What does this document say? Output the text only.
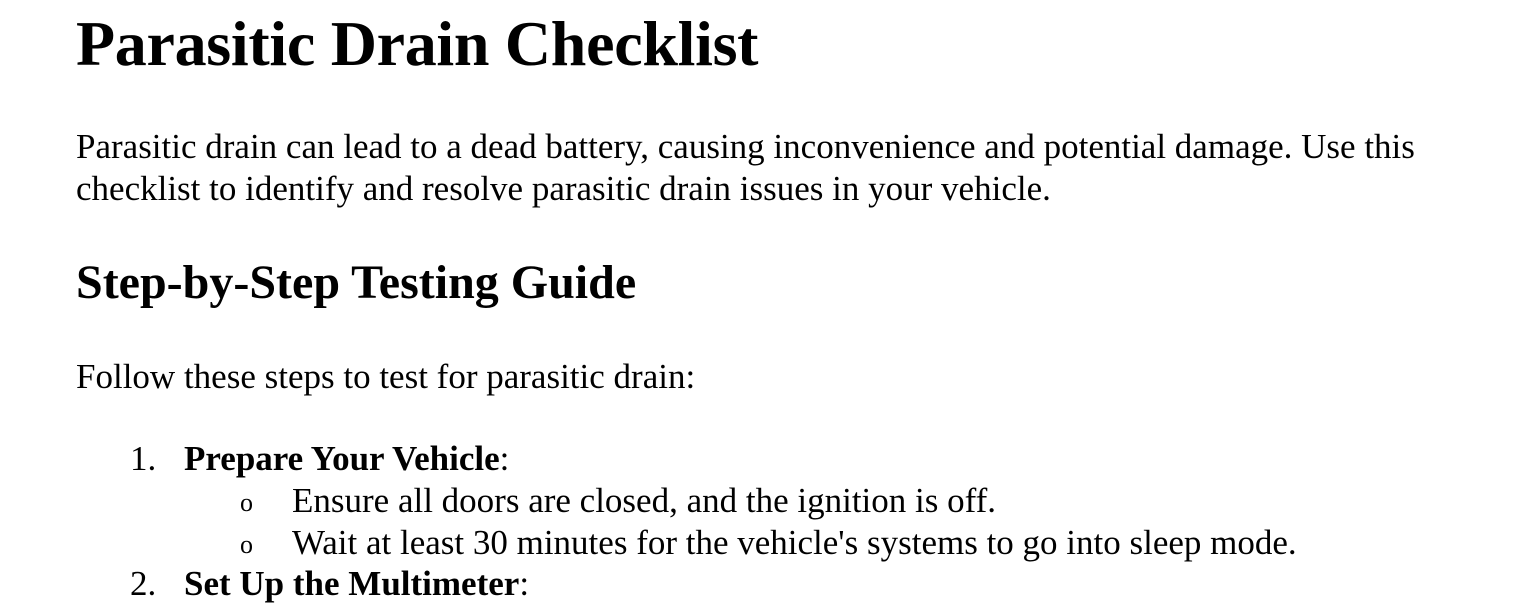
Parasitic Drain Checklist

Parasitic drain can lead to a dead battery, causing inconvenience and potential damage. Use this checklist to identify and resolve parasitic drain issues in your vehicle.

Step-by-Step Testing Guide

Follow these steps to test for parasitic drain:

1. Prepare Your Vehicle:
o Ensure all doors are closed, and the ignition is off.
o Wait at least 30 minutes for the vehicle's systems to go into sleep mode.
2. Set Up the Multimeter:
